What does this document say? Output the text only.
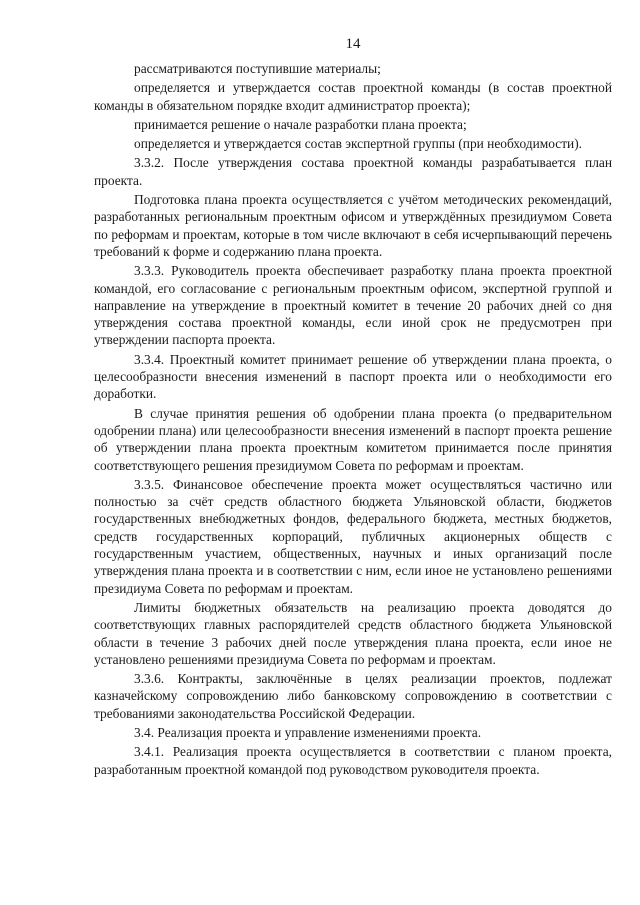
14

рассматриваются поступившие материалы;

определяется и утверждается состав проектной команды (в состав проектной команды в обязательном порядке входит администратор проекта);

принимается решение о начале разработки плана проекта;

определяется и утверждается состав экспертной группы (при необходимости).

3.3.2. После утверждения состава проектной команды разрабатывается план проекта.

Подготовка плана проекта осуществляется с учётом методических рекомендаций, разработанных региональным проектным офисом и утверждённых президиумом Совета по реформам и проектам, которые в том числе включают в себя исчерпывающий перечень требований к форме и содержанию плана проекта.

3.3.3. Руководитель проекта обеспечивает разработку плана проекта проектной командой, его согласование с региональным проектным офисом, экспертной группой и направление на утверждение в проектный комитет в течение 20 рабочих дней со дня утверждения состава проектной команды, если иной срок не предусмотрен при утверждении паспорта проекта.

3.3.4. Проектный комитет принимает решение об утверждении плана проекта, о целесообразности внесения изменений в паспорт проекта или о необходимости его доработки.

В случае принятия решения об одобрении плана проекта (о предварительном одобрении плана) или целесообразности внесения изменений в паспорт проекта решение об утверждении плана проекта проектным комитетом принимается после принятия соответствующего решения президиумом Совета по реформам и проектам.

3.3.5. Финансовое обеспечение проекта может осуществляться частично или полностью за счёт средств областного бюджета Ульяновской области, бюджетов государственных внебюджетных фондов, федерального бюджета, местных бюджетов, средств государственных корпораций, публичных акционерных обществ с государственным участием, общественных, научных и иных организаций после утверждения плана проекта и в соответствии с ним, если иное не установлено решениями президиума Совета по реформам и проектам.

Лимиты бюджетных обязательств на реализацию проекта доводятся до соответствующих главных распорядителей средств областного бюджета Ульяновской области в течение 3 рабочих дней после утверждения плана проекта, если иное не установлено решениями президиума Совета по реформам и проектам.

3.3.6. Контракты, заключённые в целях реализации проектов, подлежат казначейскому сопровождению либо банковскому сопровождению в соответствии с требованиями законодательства Российской Федерации.

3.4. Реализация проекта и управление изменениями проекта.

3.4.1. Реализация проекта осуществляется в соответствии с планом проекта, разработанным проектной командой под руководством руководителя проекта.
